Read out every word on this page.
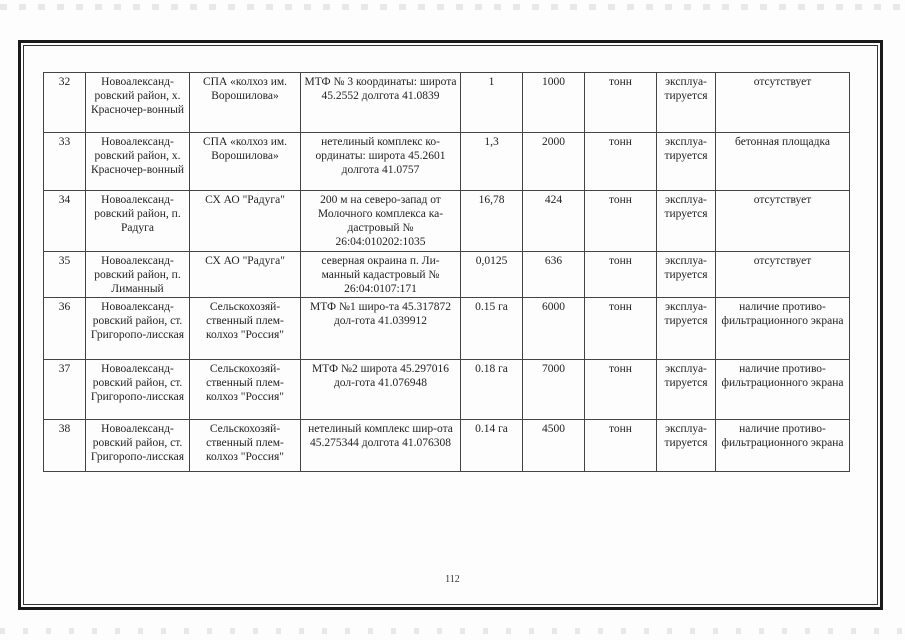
32	Новоалександ-ровский район, х. Красночер-вонный	СПА «колхоз им. Ворошилова»	МТФ № 3 координаты: широта 45.2552 долгота 41.0839	1	1000	тонн	эксплуа-тируется	отсутствует
33	Новоалександ-ровский район, х. Красночер-вонный	СПА «колхоз им. Ворошилова»	нетелиный комплекс ко-ординаты: широта 45.2601 долгота 41.0757	1,3	2000	тонн	эксплуа-тируется	бетонная площадка
34	Новоалександ-ровский район, п. Радуга	СХ АО "Радуга"	200 м на северо-запад от Молочного комплекса ка-дастровый № 26:04:010202:1035	16,78	424	тонн	эксплуа-тируется	отсутствует
35	Новоалександ-ровский район, п. Лиманный	СХ АО "Радуга"	северная окраина п. Ли-манный кадастровый № 26:04:0107:171	0,0125	636	тонн	эксплуа-тируется	отсутствует
36	Новоалександ-ровский район, ст. Григоропо-лисская	Сельскохозяй-ственный плем-колхоз "Россия"	МТФ №1 широ-та 45.317872 дол-гота 41.039912	0.15 га	6000	тонн	эксплуа-тируется	наличие противо-фильтрационного экрана
37	Новоалександ-ровский район, ст. Григоропо-лисская	Сельскохозяй-ственный плем-колхоз "Россия"	МТФ №2 широта 45.297016 дол-гота 41.076948	0.18 га	7000	тонн	эксплуа-тируется	наличие противо-фильтрационного экрана
38	Новоалександ-ровский район, ст. Григоропо-лисская	Сельскохозяй-ственный плем-колхоз "Россия"	нетелиный комплекс шир-ота 45.275344 долгота 41.076308	0.14 га	4500	тонн	эксплуа-тируется	наличие противо-фильтрационного экрана
112
